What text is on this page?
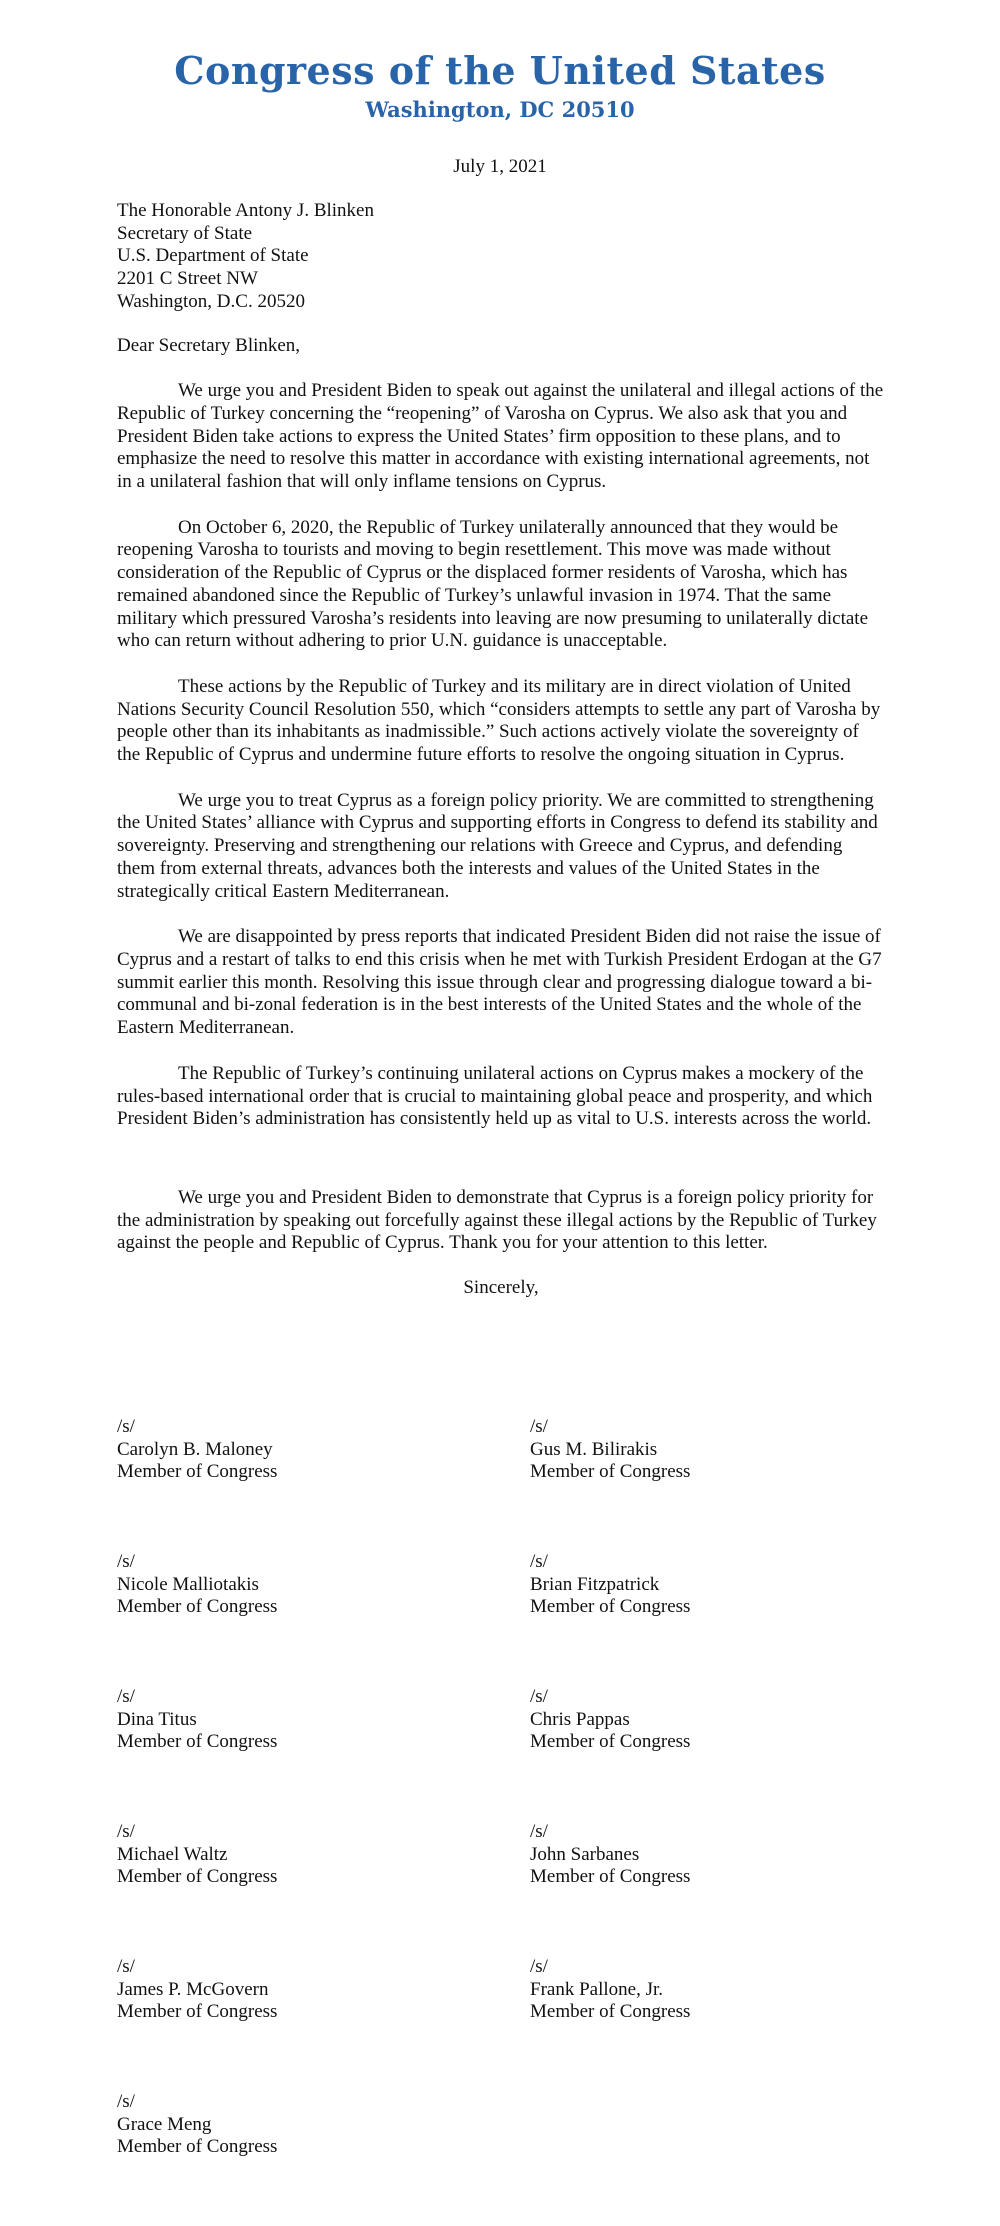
Congress of the United States
Washington, DC 20510
July 1, 2021
The Honorable Antony J. Blinken
Secretary of State
U.S. Department of State
2201 C Street NW
Washington, D.C. 20520
Dear Secretary Blinken,

We urge you and President Biden to speak out against the unilateral and illegal actions of the Republic of Turkey concerning the “reopening” of Varosha on Cyprus. We also ask that you and President Biden take actions to express the United States’ firm opposition to these plans, and to emphasize the need to resolve this matter in accordance with existing international agreements, not in a unilateral fashion that will only inflame tensions on Cyprus.

On October 6, 2020, the Republic of Turkey unilaterally announced that they would be reopening Varosha to tourists and moving to begin resettlement. This move was made without consideration of the Republic of Cyprus or the displaced former residents of Varosha, which has remained abandoned since the Republic of Turkey’s unlawful invasion in 1974. That the same military which pressured Varosha’s residents into leaving are now presuming to unilaterally dictate who can return without adhering to prior U.N. guidance is unacceptable.

These actions by the Republic of Turkey and its military are in direct violation of United Nations Security Council Resolution 550, which “considers attempts to settle any part of Varosha by people other than its inhabitants as inadmissible.” Such actions actively violate the sovereignty of the Republic of Cyprus and undermine future efforts to resolve the ongoing situation in Cyprus.

We urge you to treat Cyprus as a foreign policy priority. We are committed to strengthening the United States’ alliance with Cyprus and supporting efforts in Congress to defend its stability and sovereignty. Preserving and strengthening our relations with Greece and Cyprus, and defending them from external threats, advances both the interests and values of the United States in the strategically critical Eastern Mediterranean.

We are disappointed by press reports that indicated President Biden did not raise the issue of Cyprus and a restart of talks to end this crisis when he met with Turkish President Erdogan at the G7 summit earlier this month. Resolving this issue through clear and progressing dialogue toward a bi-communal and bi-zonal federation is in the best interests of the United States and the whole of the Eastern Mediterranean.

The Republic of Turkey’s continuing unilateral actions on Cyprus makes a mockery of the rules-based international order that is crucial to maintaining global peace and prosperity, and which President Biden’s administration has consistently held up as vital to U.S. interests across the world.

We urge you and President Biden to demonstrate that Cyprus is a foreign policy priority for the administration by speaking out forcefully against these illegal actions by the Republic of Turkey against the people and Republic of Cyprus. Thank you for your attention to this letter.

Sincerely,
/s/
Carolyn B. Maloney
Member of Congress
/s/
Gus M. Bilirakis
Member of Congress
/s/
Nicole Malliotakis
Member of Congress
/s/
Brian Fitzpatrick
Member of Congress
/s/
Dina Titus
Member of Congress
/s/
Chris Pappas
Member of Congress
/s/
Michael Waltz
Member of Congress
/s/
John Sarbanes
Member of Congress
/s/
James P. McGovern
Member of Congress
/s/
Frank Pallone, Jr.
Member of Congress
/s/
Grace Meng
Member of Congress
